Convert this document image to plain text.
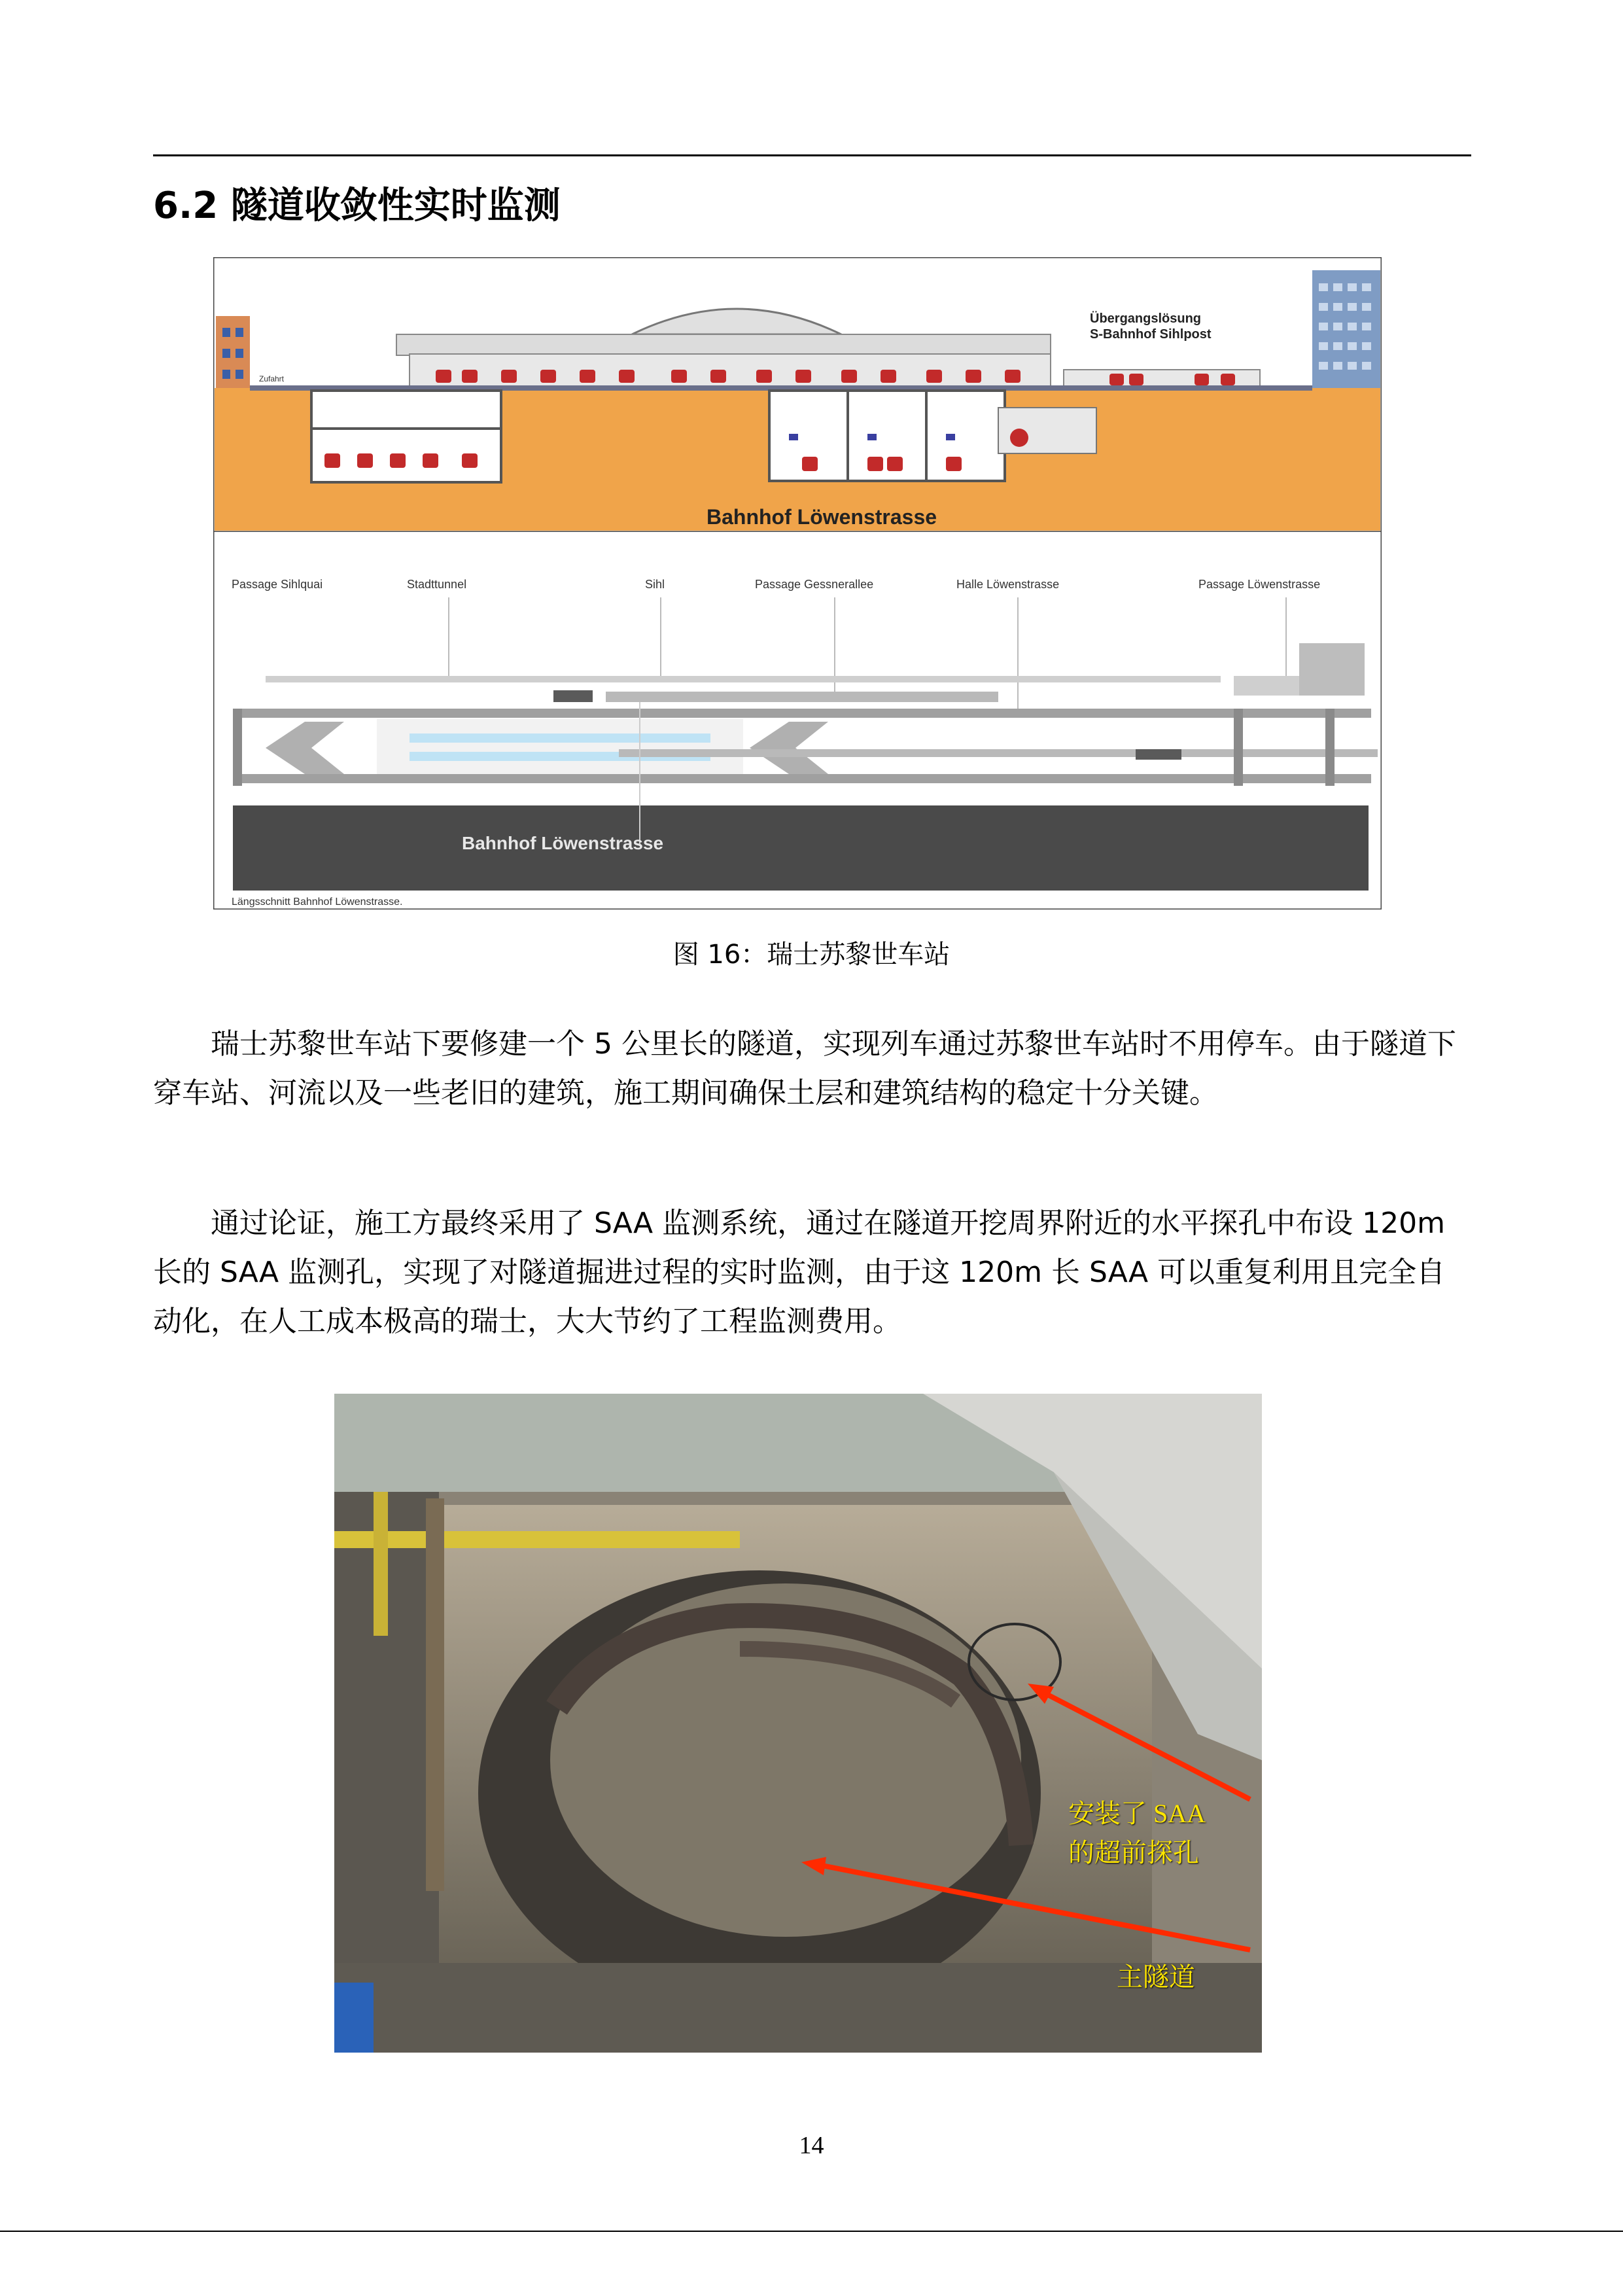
6.2 隧道收敛性实时监测
Übergangslösung
S-Bahnhof Sihlpost
Zufahrt
Bahnhof Löwenstrasse
Passage Sihlquai	Stadttunnel	Sihl	Passage Gessnerallee	Halle Löwenstrasse	Passage Löwenstrasse
Bahnhof Löwenstrasse
Längsschnitt Bahnhof Löwenstrasse.
图 16：瑞士苏黎世车站
瑞士苏黎世车站下要修建一个 5 公里长的隧道，实现列车通过苏黎世车站时不用停车。由于隧道下穿车站、河流以及一些老旧的建筑，施工期间确保土层和建筑结构的稳定十分关键。
通过论证，施工方最终采用了 SAA 监测系统，通过在隧道开挖周界附近的水平探孔中布设 120m 长的 SAA 监测孔，实现了对隧道掘进过程的实时监测，由于这 120m 长 SAA 可以重复利用且完全自动化，在人工成本极高的瑞士，大大节约了工程监测费用。
安装了 SAA
的超前探孔
主隧道
14
